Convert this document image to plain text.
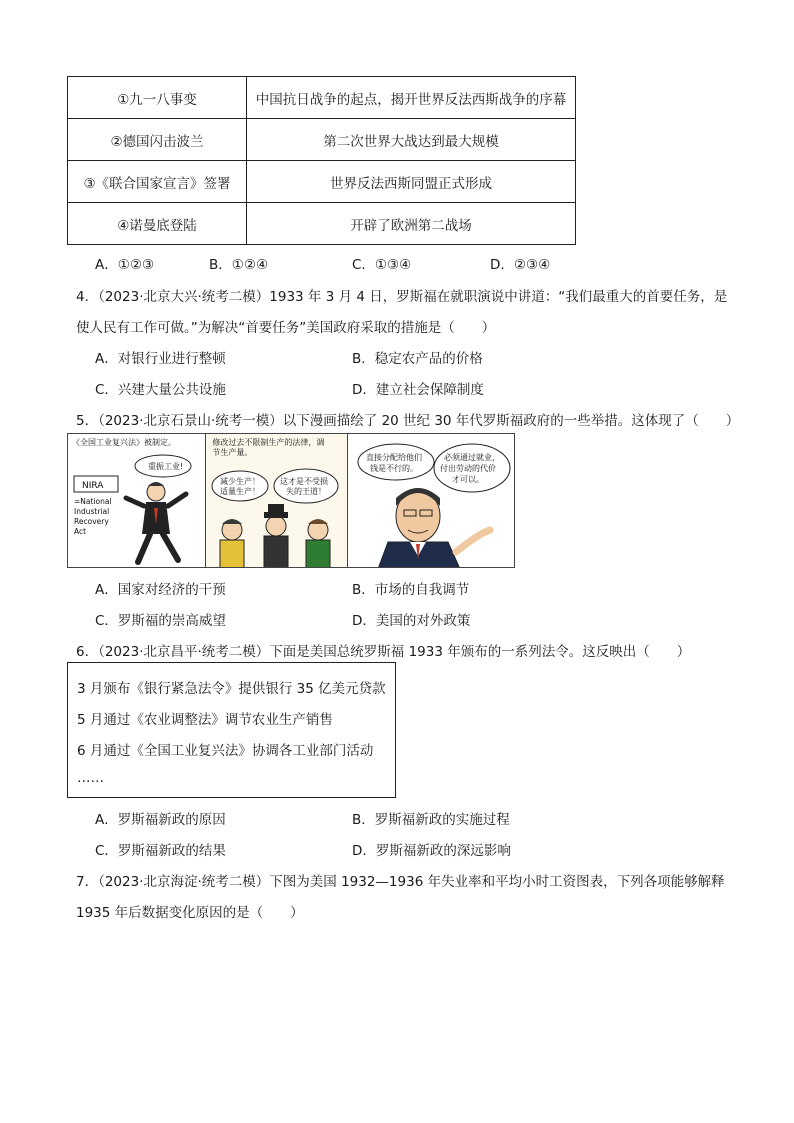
①九一八事变	中国抗日战争的起点，揭开世界反法西斯战争的序幕
②德国闪击波兰	第二次世界大战达到最大规模
③《联合国家宣言》签署	世界反法西斯同盟正式形成
④诺曼底登陆	开辟了欧洲第二战场
A．①②③	B．①②④	C．①③④	D．②③④
4．（2023·北京大兴·统考二模）1933 年 3 月 4 日，罗斯福在就职演说中讲道：“我们最重大的首要任务，是
使人民有工作可做。”为解决“首要任务”美国政府采取的措施是（　　）
A．对银行业进行整顿	B．稳定农产品的价格
C．兴建大量公共设施	D．建立社会保障制度
5．（2023·北京石景山·统考一模）以下漫画描绘了 20 世纪 30 年代罗斯福政府的一些举措。这体现了（　　）
《全国工业复兴法》被制定。
重振工业!
NIRA
=National
Industrial
Recovery
Act
修改过去不限制生产的法律，调
节生产量。
减少生产！
适量生产！
这才是不受损
失的王道！
直接分配给他们
钱是不行的。
必须通过就业，
付出劳动的代价
才可以。
A．国家对经济的干预	B．市场的自我调节
C．罗斯福的崇高威望	D．美国的对外政策
6．（2023·北京昌平·统考二模）下面是美国总统罗斯福 1933 年颁布的一系列法令。这反映出（　　）
3 月颁布《银行紧急法令》提供银行 35 亿美元贷款
5 月通过《农业调整法》调节农业生产销售
6 月通过《全国工业复兴法》协调各工业部门活动
……
A．罗斯福新政的原因	B．罗斯福新政的实施过程
C．罗斯福新政的结果	D．罗斯福新政的深远影响
7．（2023·北京海淀·统考二模）下图为美国 1932—1936 年失业率和平均小时工资图表，下列各项能够解释
1935 年后数据变化原因的是（　　）
